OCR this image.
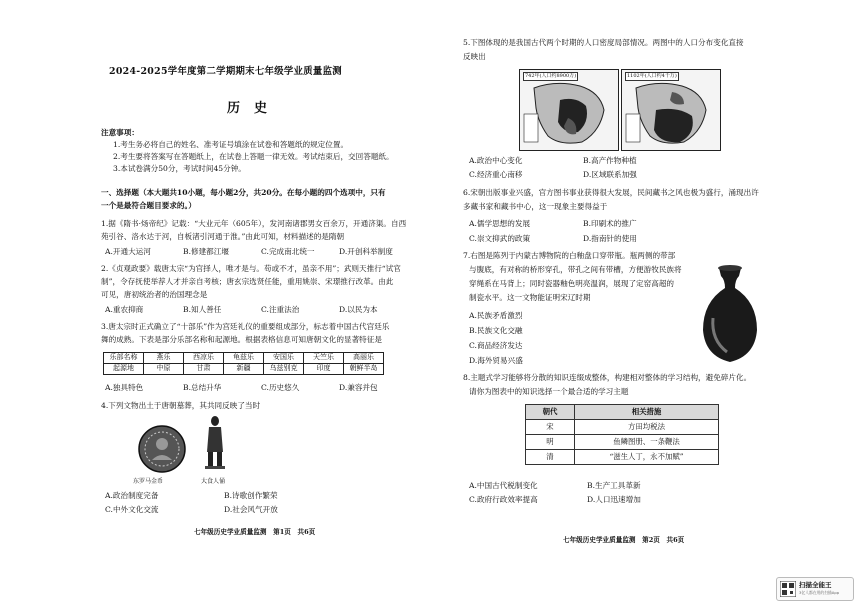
2024-2025学年度第二学期期末七年级学业质量监测
历史
注意事项：
1.考生务必将自己的姓名、准考证号填涂在试卷和答题纸的规定位置。
2.考生要将答案写在答题纸上，在试卷上答题一律无效。考试结束后，交回答题纸。
3.本试卷满分50分，考试时间45分钟。
一、选择题（本大题共10小题，每小题2分，共20分。在每小题的四个选项中，只有
一个是最符合题目要求的。）
1.据《隋书·炀帝纪》记载：“大业元年（605年），发河南诸郡男女百余万，开通济渠。自西
苑引谷、洛水达于河，自板渚引河通于淮。”由此可知，材料描述的是隋朝
A.开通大运河	B.修建都江堰	C.完成南北统一	D.开创科举制度
2.《贞观政要》载唐太宗“为官择人，唯才是与。苟或不才，虽亲不用”；武则天推行“试官
制”，令存抚使举荐人才并亲自考核；唐玄宗选贤任能，重用姚崇、宋璟推行改革。由此
可见，唐初统治者的治国理念是
A.重农抑商	B.知人善任	C.注重法治	D.以民为本
3.唐太宗时正式确立了“十部乐”作为宫廷礼仪的重要组成部分，标志着中国古代宫廷乐
舞的成熟。下表是部分乐部名称和起源地。根据表格信息可知唐朝文化的显著特征是
乐部名称	燕乐	西凉乐	龟兹乐	安国乐	天竺乐	高丽乐
起源地	中原	甘肃	新疆	乌兹别克	印度	朝鲜半岛
A.独具特色	B.总结升华	C.历史悠久	D.兼容并包
4.下列文物出土于唐朝墓葬，其共同反映了当时
东罗马金币	大食人俑
A.政治制度完备	B.诗歌创作繁荣
C.中外文化交流	D.社会风气开放
七年级历史学业质量监测　第1页　共6页
5.下图体现的是我国古代两个时期的人口密度局部情况。两图中的人口分布变化直接
反映出
742年(人口约8900万)	1102年(人口约4千万)
A.政治中心变化	B.高产作物种植
C.经济重心南移	D.区域联系加强
6.宋朝出版事业兴盛，官方图书事业获得很大发展，民间藏书之风也极为盛行，涌现出许
多藏书家和藏书中心，这一现象主要得益于
A.儒学思想的发展	B.印刷术的推广
C.崇文抑武的政策	D.指南针的使用
7.右图是陈列于内蒙古博物院的白釉盘口穿带瓶。瓶两侧的带部
与腹底，有对称的桥形穿孔，带孔之间有带槽，方便游牧民族将
穿绳系在马背上；同时瓷器釉色明亮温润，展现了定窑高超的
制瓷水平。这一文物能证明宋辽时期
A.民族矛盾激烈
B.民族文化交融
C.商品经济发达
D.海外贸易兴盛
8.主题式学习能够将分散的知识连缀成整体，构建相对整体的学习结构，避免碎片化。
请你为图表中的知识选择一个最合适的学习主题
朝代	相关措施
宋	方田均税法
明	鱼鳞图册、一条鞭法
清	“滋生人丁，永不加赋”
A.中国古代税制变化	B.生产工具革新
C.政府行政效率提高	D.人口迅速增加
七年级历史学业质量监测　第2页　共6页
扫描全能王
3亿人都在用的扫描App
